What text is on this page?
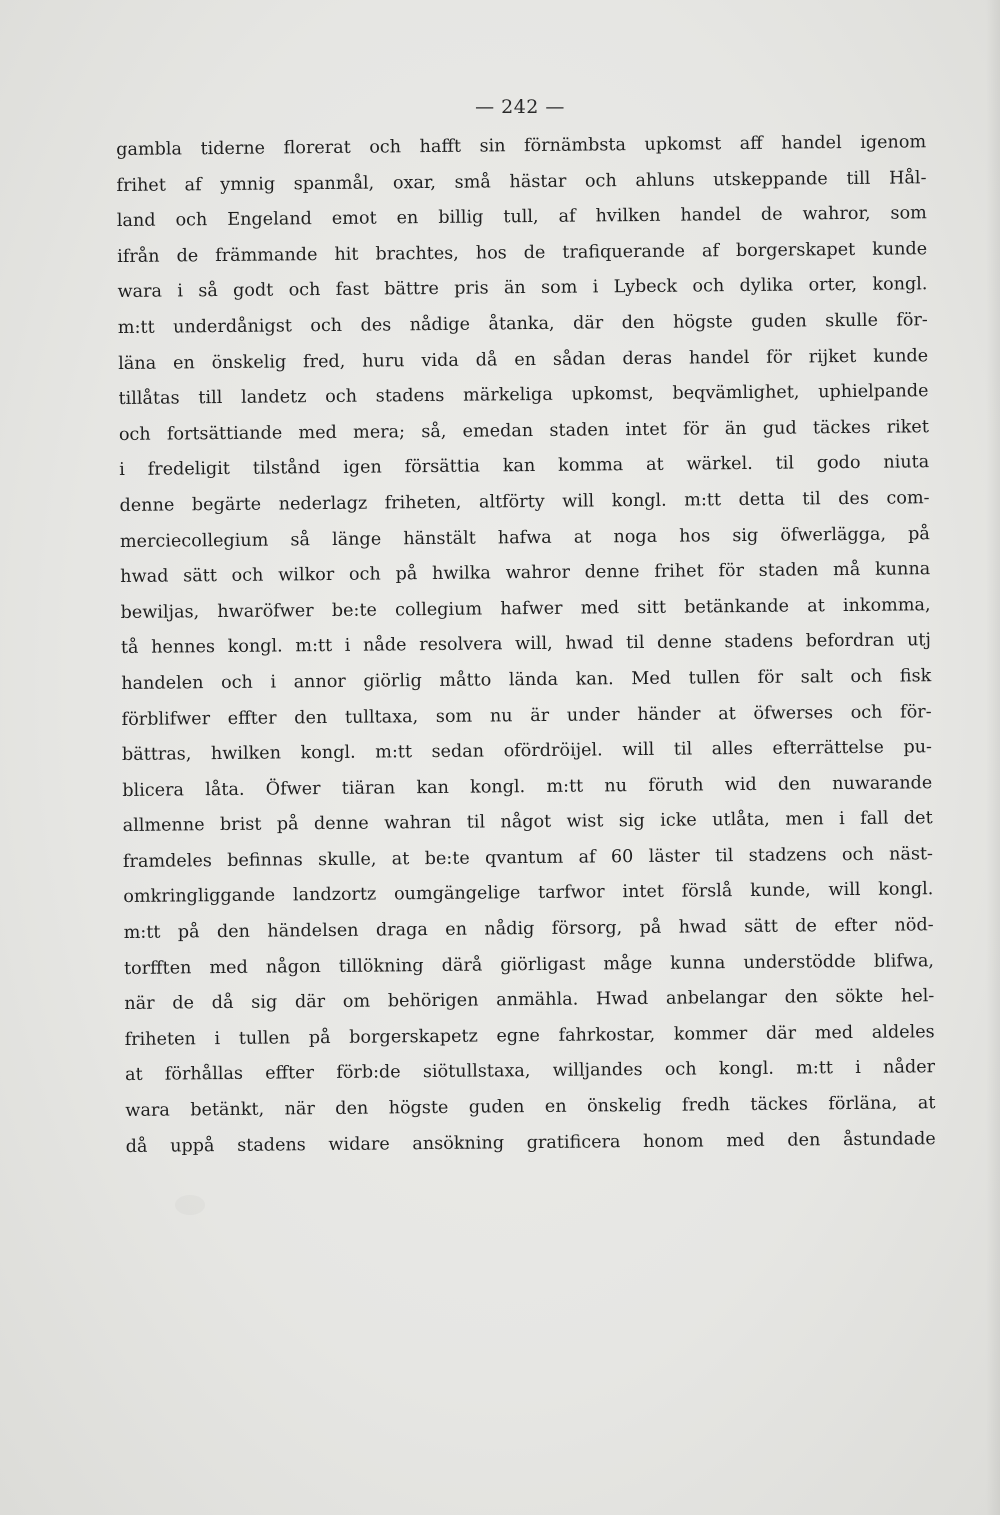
— 242 —
gambla tiderne florerat och hafft sin förnämbsta upkomst aff handel igenom
frihet af ymnig spanmål, oxar, små hästar och ahluns utskeppande till Hål-
land och Engeland emot en billig tull, af hvilken handel de wahror, som
ifrån de främmande hit brachtes, hos de trafiquerande af borgerskapet kunde
wara i så godt och fast bättre pris än som i Lybeck och dylika orter, kongl.
m:tt underdånigst och des nådige åtanka, där den högste guden skulle för-
läna en önskelig fred, huru vida då en sådan deras handel för rijket kunde
tillåtas till landetz och stadens märkeliga upkomst, beqvämlighet, uphielpande
och fortsättiande med mera; så, emedan staden intet för än gud täckes riket
i fredeligit tilstånd igen försättia kan komma at wärkel. til godo niuta
denne begärte nederlagz friheten, altförty will kongl. m:tt detta til des com-
merciecollegium så länge hänstält hafwa at noga hos sig öfwerlägga, på
hwad sätt och wilkor och på hwilka wahror denne frihet för staden må kunna
bewiljas, hwaröfwer be:te collegium hafwer med sitt betänkande at inkomma,
tå hennes kongl. m:tt i nåde resolvera will, hwad til denne stadens befordran utj
handelen och i annor giörlig måtto lända kan. Med tullen för salt och fisk
förblifwer effter den tulltaxa, som nu är under händer at öfwerses och för-
bättras, hwilken kongl. m:tt sedan ofördröijel. will til alles efterrättelse pu-
blicera låta. Öfwer tiäran kan kongl. m:tt nu föruth wid den nuwarande
allmenne brist på denne wahran til något wist sig icke utlåta, men i fall det
framdeles befinnas skulle, at be:te qvantum af 60 läster til stadzens och näst-
omkringliggande landzortz oumgängelige tarfwor intet förslå kunde, will kongl.
m:tt på den händelsen draga en nådig försorg, på hwad sätt de efter nöd-
torfften med någon tillökning därå giörligast måge kunna understödde blifwa,
när de då sig där om behörigen anmähla. Hwad anbelangar den sökte hel-
friheten i tullen på borgerskapetz egne fahrkostar, kommer där med aldeles
at förhållas effter förb:de siötullstaxa, willjandes och kongl. m:tt i nåder
wara betänkt, när den högste guden en önskelig fredh täckes förläna, at
då uppå stadens widare ansökning gratificera honom med den åstundade
